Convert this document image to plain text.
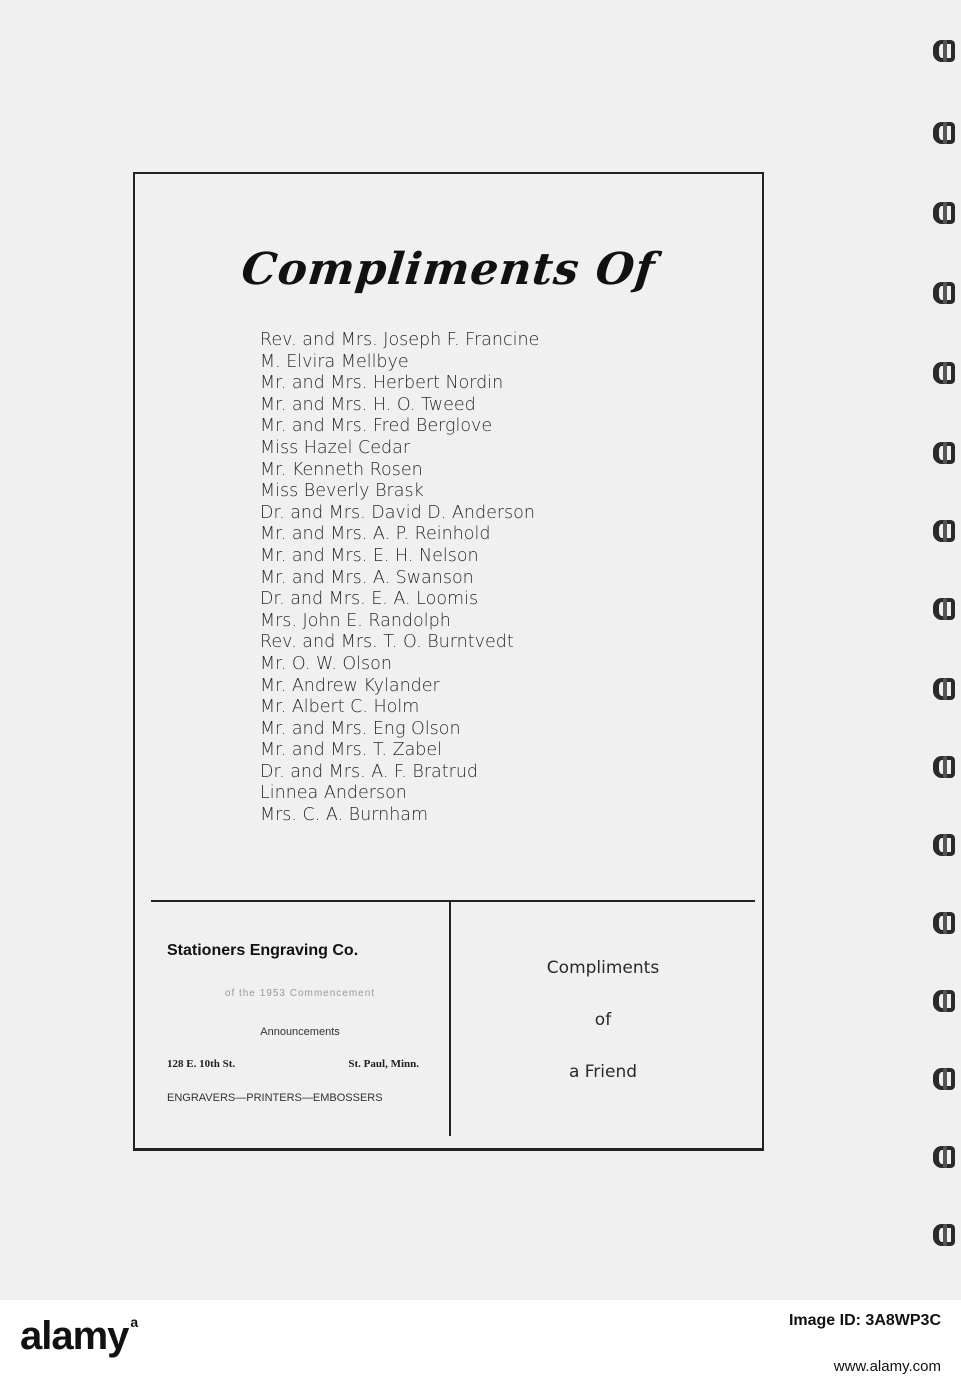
Compliments Of
Rev. and Mrs. Joseph F. Francine
M. Elvira Mellbye
Mr. and Mrs. Herbert Nordin
Mr. and Mrs. H. O. Tweed
Mr. and Mrs. Fred Berglove
Miss Hazel Cedar
Mr. Kenneth Rosen
Miss Beverly Brask
Dr. and Mrs. David D. Anderson
Mr. and Mrs. A. P. Reinhold
Mr. and Mrs. E. H. Nelson
Mr. and Mrs. A. Swanson
Dr. and Mrs. E. A. Loomis
Mrs. John E. Randolph
Rev. and Mrs. T. O. Burntvedt
Mr. O. W. Olson
Mr. Andrew Kylander
Mr. Albert C. Holm
Mr. and Mrs. Eng Olson
Mr. and Mrs. T. Zabel
Dr. and Mrs. A. F. Bratrud
Linnea Anderson
Mrs. C. A. Burnham
Stationers Engraving Co.
of the 1953 Commencement
Announcements
128 E. 10th St.	St. Paul, Minn.
ENGRAVERS—PRINTERS—EMBOSSERS
Compliments
of
a Friend
alamy $^a$	Image ID: 3A8WP3C
www.alamy.com
